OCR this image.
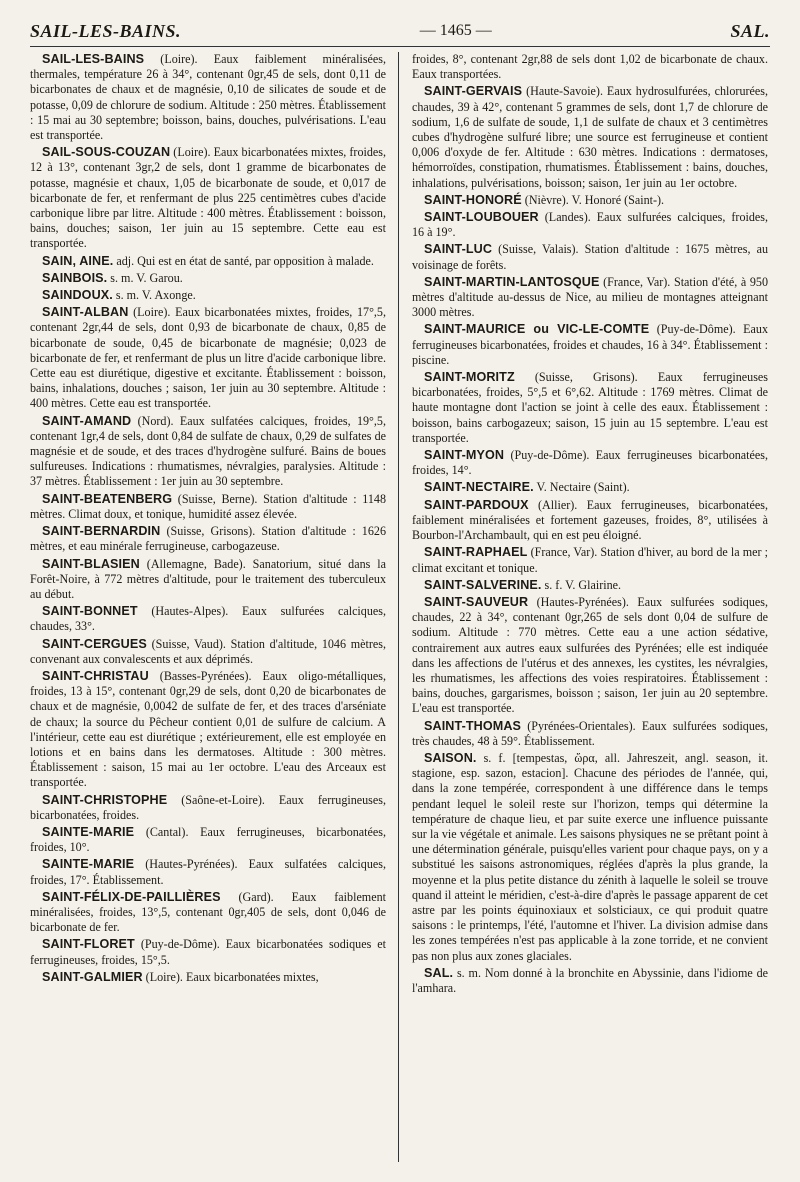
SAIL-LES-BAINS.	— 1465 —	SAL.

SAIL-LES-BAINS (Loire). Eaux faiblement minéralisées, thermales, température 26 à 34°, contenant 0gr,45 de sels, dont 0,11 de bicarbonates de chaux et de magnésie, 0,10 de silicates de soude et de potasse, 0,09 de chlorure de sodium. Altitude : 250 mètres. Établissement : 15 mai au 30 septembre; boisson, bains, douches, pulvérisations. L'eau est transportée.

SAIL-SOUS-COUZAN (Loire). Eaux bicarbonatées mixtes, froides, 12 à 13°, contenant 3gr,2 de sels, dont 1 gramme de bicarbonates de potasse, magnésie et chaux, 1,05 de bicarbonate de soude, et 0,017 de bicarbonate de fer, et renfermant de plus 225 centimètres cubes d'acide carbonique libre par litre. Altitude : 400 mètres. Établissement : boisson, bains, douches; saison, 1er juin au 15 septembre. Cette eau est transportée.

SAIN, AINE. adj. Qui est en état de santé, par opposition à malade.

SAINBOIS. s. m. V. Garou.

SAINDOUX. s. m. V. Axonge.

SAINT-ALBAN (Loire). Eaux bicarbonatées mixtes, froides, 17°,5, contenant 2gr,44 de sels, dont 0,93 de bicarbonate de chaux, 0,85 de bicarbonate de soude, 0,45 de bicarbonate de magnésie; 0,023 de bicarbonate de fer, et renfermant de plus un litre d'acide carbonique libre. Cette eau est diurétique, digestive et excitante. Établissement : boisson, bains, inhalations, douches ; saison, 1er juin au 30 septembre. Altitude : 400 mètres. Cette eau est transportée.

SAINT-AMAND (Nord). Eaux sulfatées calciques, froides, 19°,5, contenant 1gr,4 de sels, dont 0,84 de sulfate de chaux, 0,29 de sulfates de magnésie et de soude, et des traces d'hydrogène sulfuré. Bains de boues sulfureuses. Indications : rhumatismes, névralgies, paralysies. Altitude : 37 mètres. Établissement : 1er juin au 30 septembre.

SAINT-BEATENBERG (Suisse, Berne). Station d'altitude : 1148 mètres. Climat doux, et tonique, humidité assez élevée.

SAINT-BERNARDIN (Suisse, Grisons). Station d'altitude : 1626 mètres, et eau minérale ferrugineuse, carbogazeuse.

SAINT-BLASIEN (Allemagne, Bade). Sanatorium, situé dans la Forêt-Noire, à 772 mètres d'altitude, pour le traitement des tuberculeux au début.

SAINT-BONNET (Hautes-Alpes). Eaux sulfurées calciques, chaudes, 33°.

SAINT-CERGUES (Suisse, Vaud). Station d'altitude, 1046 mètres, convenant aux convalescents et aux déprimés.

SAINT-CHRISTAU (Basses-Pyrénées). Eaux oligo-métalliques, froides, 13 à 15°, contenant 0gr,29 de sels, dont 0,20 de bicarbonates de chaux et de magnésie, 0,0042 de sulfate de fer, et des traces d'arséniate de chaux; la source du Pêcheur contient 0,01 de sulfure de calcium. A l'intérieur, cette eau est diurétique ; extérieurement, elle est employée en lotions et en bains dans les dermatoses. Altitude : 300 mètres. Établissement : saison, 15 mai au 1er octobre. L'eau des Arceaux est transportée.

SAINT-CHRISTOPHE (Saône-et-Loire). Eaux ferrugineuses, bicarbonatées, froides.

SAINTE-MARIE (Cantal). Eaux ferrugineuses, bicarbonatées, froides, 10°.

SAINTE-MARIE (Hautes-Pyrénées). Eaux sulfatées calciques, froides, 17°. Établissement.

SAINT-FÉLIX-DE-PAILLIÈRES (Gard). Eaux faiblement minéralisées, froides, 13°,5, contenant 0gr,405 de sels, dont 0,046 de bicarbonate de fer.

SAINT-FLORET (Puy-de-Dôme). Eaux bicarbonatées sodiques et ferrugineuses, froides, 15°,5.

SAINT-GALMIER (Loire). Eaux bicarbonatées mixtes,

froides, 8°, contenant 2gr,88 de sels dont 1,02 de bicarbonate de chaux. Eaux transportées.

SAINT-GERVAIS (Haute-Savoie). Eaux hydrosulfurées, chlorurées, chaudes, 39 à 42°, contenant 5 grammes de sels, dont 1,7 de chlorure de sodium, 1,6 de sulfate de soude, 1,1 de sulfate de chaux et 3 centimètres cubes d'hydrogène sulfuré libre; une source est ferrugineuse et contient 0,006 d'oxyde de fer. Altitude : 630 mètres. Indications : dermatoses, hémorroïdes, constipation, rhumatismes. Établissement : bains, douches, inhalations, pulvérisations, boisson; saison, 1er juin au 1er octobre.

SAINT-HONORÉ (Nièvre). V. Honoré (Saint-).

SAINT-LOUBOUER (Landes). Eaux sulfurées calciques, froides, 16 à 19°.

SAINT-LUC (Suisse, Valais). Station d'altitude : 1675 mètres, au voisinage de forêts.

SAINT-MARTIN-LANTOSQUE (France, Var). Station d'été, à 950 mètres d'altitude au-dessus de Nice, au milieu de montagnes atteignant 3000 mètres.

SAINT-MAURICE ou VIC-LE-COMTE (Puy-de-Dôme). Eaux ferrugineuses bicarbonatées, froides et chaudes, 16 à 34°. Établissement : piscine.

SAINT-MORITZ (Suisse, Grisons). Eaux ferrugineuses bicarbonatées, froides, 5°,5 et 6°,62. Altitude : 1769 mètres. Climat de haute montagne dont l'action se joint à celle des eaux. Établissement : boisson, bains carbogazeux; saison, 15 juin au 15 septembre. L'eau est transportée.

SAINT-MYON (Puy-de-Dôme). Eaux ferrugineuses bicarbonatées, froides, 14°.

SAINT-NECTAIRE. V. Nectaire (Saint).

SAINT-PARDOUX (Allier). Eaux ferrugineuses, bicarbonatées, faiblement minéralisées et fortement gazeuses, froides, 8°, utilisées à Bourbon-l'Archambault, qui en est peu éloigné.

SAINT-RAPHAEL (France, Var). Station d'hiver, au bord de la mer ; climat excitant et tonique.

SAINT-SALVERINE. s. f. V. Glairine.

SAINT-SAUVEUR (Hautes-Pyrénées). Eaux sulfurées sodiques, chaudes, 22 à 34°, contenant 0gr,265 de sels dont 0,04 de sulfure de sodium. Altitude : 770 mètres. Cette eau a une action sédative, contrairement aux autres eaux sulfurées des Pyrénées; elle est indiquée dans les affections de l'utérus et des annexes, les cystites, les névralgies, les rhumatismes, les affections des voies respiratoires. Établissement : bains, douches, gargarismes, boisson ; saison, 1er juin au 20 septembre. L'eau est transportée.

SAINT-THOMAS (Pyrénées-Orientales). Eaux sulfurées sodiques, très chaudes, 48 à 59°. Établissement.

SAISON. s. f. [tempestas, ὥρα, all. Jahreszeit, angl. season, it. stagione, esp. sazon, estacion]. Chacune des périodes de l'année, qui, dans la zone tempérée, correspondent à une différence dans le temps pendant lequel le soleil reste sur l'horizon, temps qui détermine la température de chaque lieu, et par suite exerce une influence puissante sur la vie végétale et animale. Les saisons physiques ne se prêtant point à une détermination générale, puisqu'elles varient pour chaque pays, on y a substitué les saisons astronomiques, réglées d'après la plus grande, la moyenne et la plus petite distance du zénith à laquelle le soleil se trouve quand il atteint le méridien, c'est-à-dire d'après le passage apparent de cet astre par les points équinoxiaux et solsticiaux, ce qui produit quatre saisons : le printemps, l'été, l'automne et l'hiver. La division admise dans les zones tempérées n'est pas applicable à la zone torride, et ne convient pas non plus aux zones glaciales.

SAL. s. m. Nom donné à la bronchite en Abyssinie, dans l'idiome de l'amhara.
